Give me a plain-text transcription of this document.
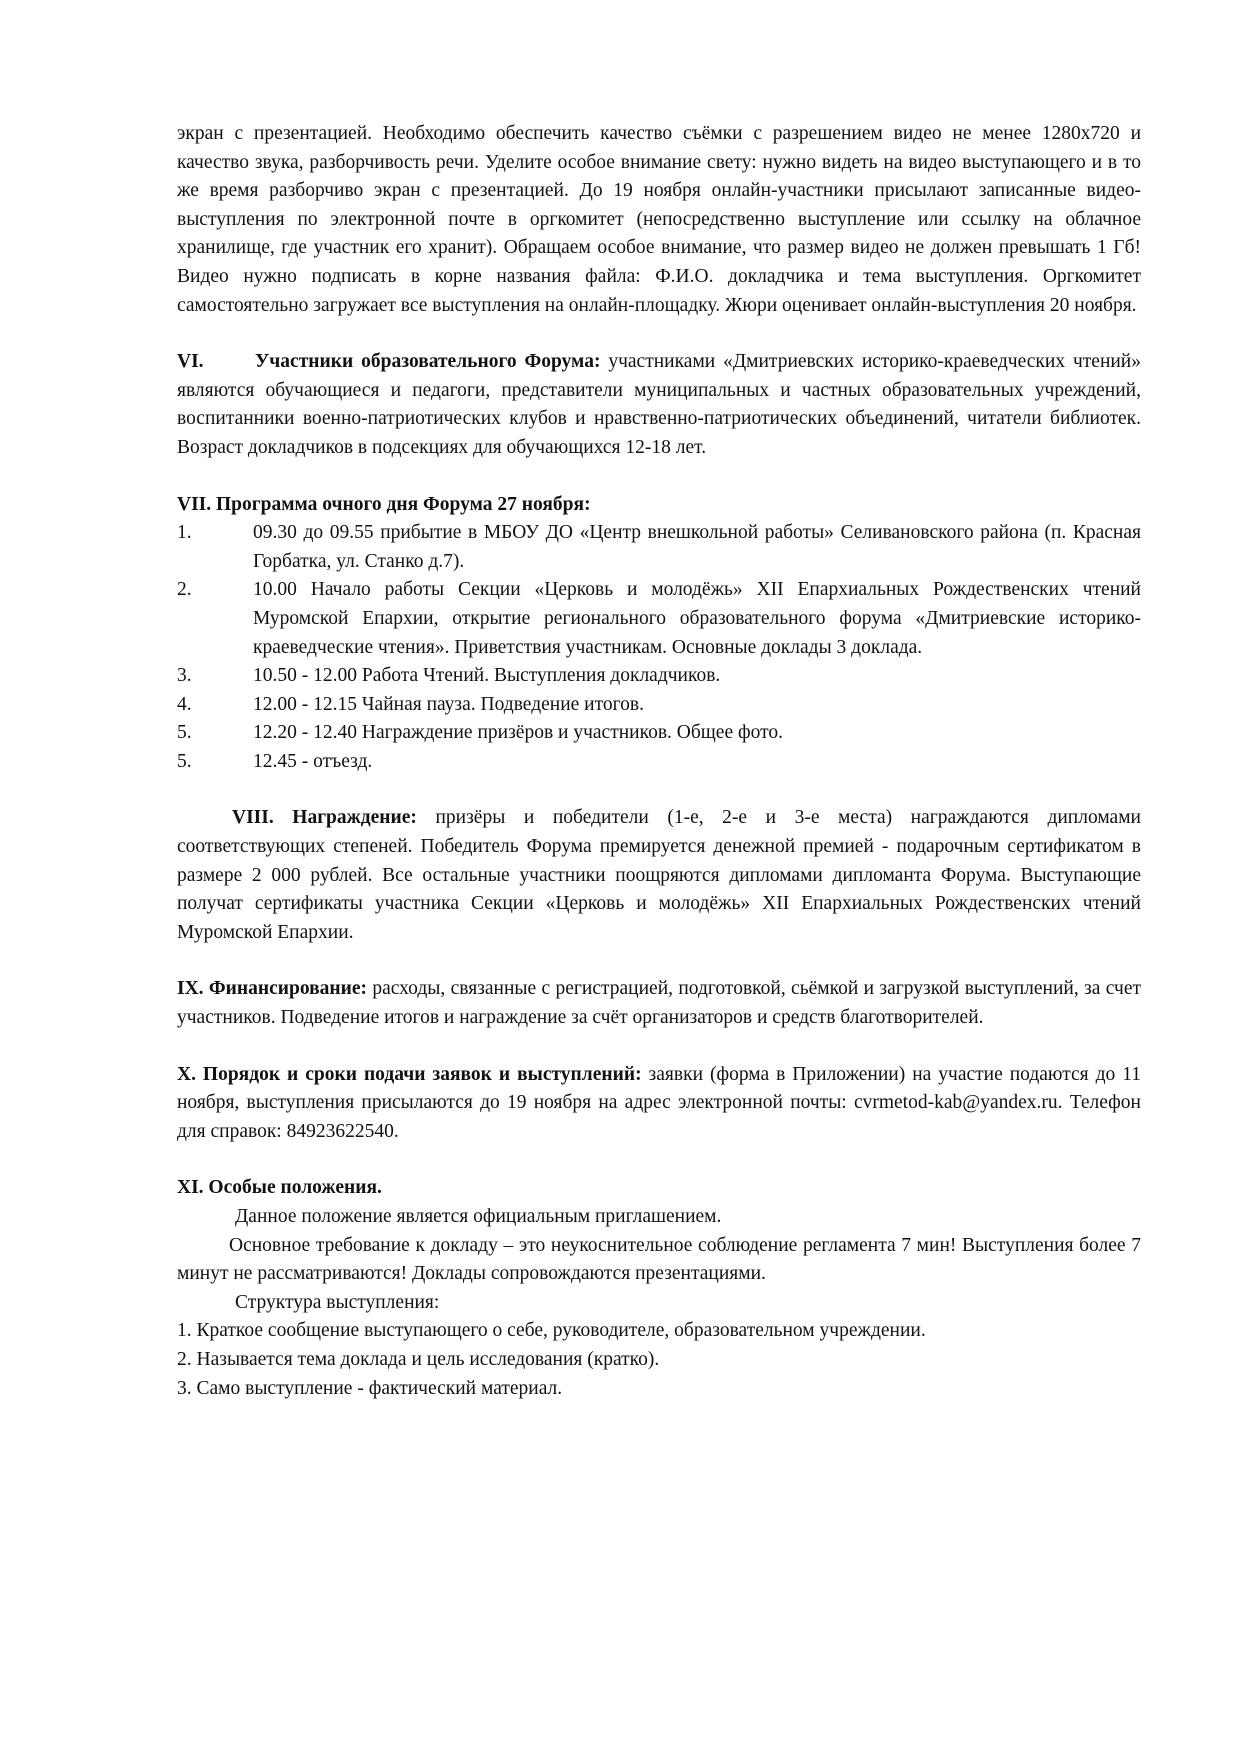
экран с презентацией. Необходимо обеспечить качество съёмки с разрешением видео не менее 1280х720 и качество звука, разборчивость речи. Уделите особое внимание свету: нужно видеть на видео выступающего и в то же время разборчиво экран с презентацией. До 19 ноября онлайн-участники присылают записанные видео-выступления по электронной почте в оргкомитет (непосредственно выступление или ссылку на облачное хранилище, где участник его хранит). Обращаем особое внимание, что размер видео не должен превышать 1 Гб! Видео нужно подписать в корне названия файла: Ф.И.О. докладчика и тема выступления. Оргкомитет самостоятельно загружает все выступления на онлайн-площадку. Жюри оценивает онлайн-выступления 20 ноября.

VI.	Участники образовательного Форума: участниками «Дмитриевских историко-краеведческих чтений» являются обучающиеся и педагоги, представители муниципальных и частных образовательных учреждений, воспитанники военно-патриотических клубов и нравственно-патриотических объединений, читатели библиотек. Возраст докладчиков в подсекциях для обучающихся 12-18 лет.

VII. Программа очного дня Форума 27 ноября:

1.	09.30 до 09.55 прибытие в МБОУ ДО «Центр внешкольной работы» Селивановского района (п. Красная Горбатка, ул. Станко д.7).
2.	10.00 Начало работы Секции «Церковь и молодёжь» XII Епархиальных Рождественских чтений Муромской Епархии, открытие регионального образовательного форума «Дмитриевские историко-краеведческие чтения». Приветствия участникам. Основные доклады 3 доклада.
3.	10.50 - 12.00 Работа Чтений. Выступления докладчиков.
4.	12.00 - 12.15 Чайная пауза. Подведение итогов.
5.	12.20 - 12.40 Награждение призёров и участников. Общее фото.
5.	12.45 - отъезд.

VIII. Награждение: призёры и победители (1-е, 2-е и 3-е места) награждаются дипломами соответствующих степеней. Победитель Форума премируется денежной премией - подарочным сертификатом в размере 2 000 рублей. Все остальные участники поощряются дипломами дипломанта Форума. Выступающие получат сертификаты участника Секции «Церковь и молодёжь» XII Епархиальных Рождественских чтений Муромской Епархии.

IX. Финансирование: расходы, связанные с регистрацией, подготовкой, сьёмкой и загрузкой выступлений, за счет участников. Подведение итогов и награждение за счёт организаторов и средств благотворителей.

X. Порядок и сроки подачи заявок и выступлений: заявки (форма в Приложении) на участие подаются до 11 ноября, выступления присылаются до 19 ноября на адрес электронной почты: cvrmetod-kab@yandex.ru. Телефон для справок: 84923622540.

XI. Особые положения.

Данное положение является официальным приглашением.

Основное требование к докладу – это неукоснительное соблюдение регламента 7 мин! Выступления более 7 минут не рассматриваются! Доклады сопровождаются презентациями.

Структура выступления:

1. Краткое сообщение выступающего о себе, руководителе, образовательном учреждении.

2. Называется тема доклада и цель исследования (кратко).

3. Само выступление - фактический материал.
